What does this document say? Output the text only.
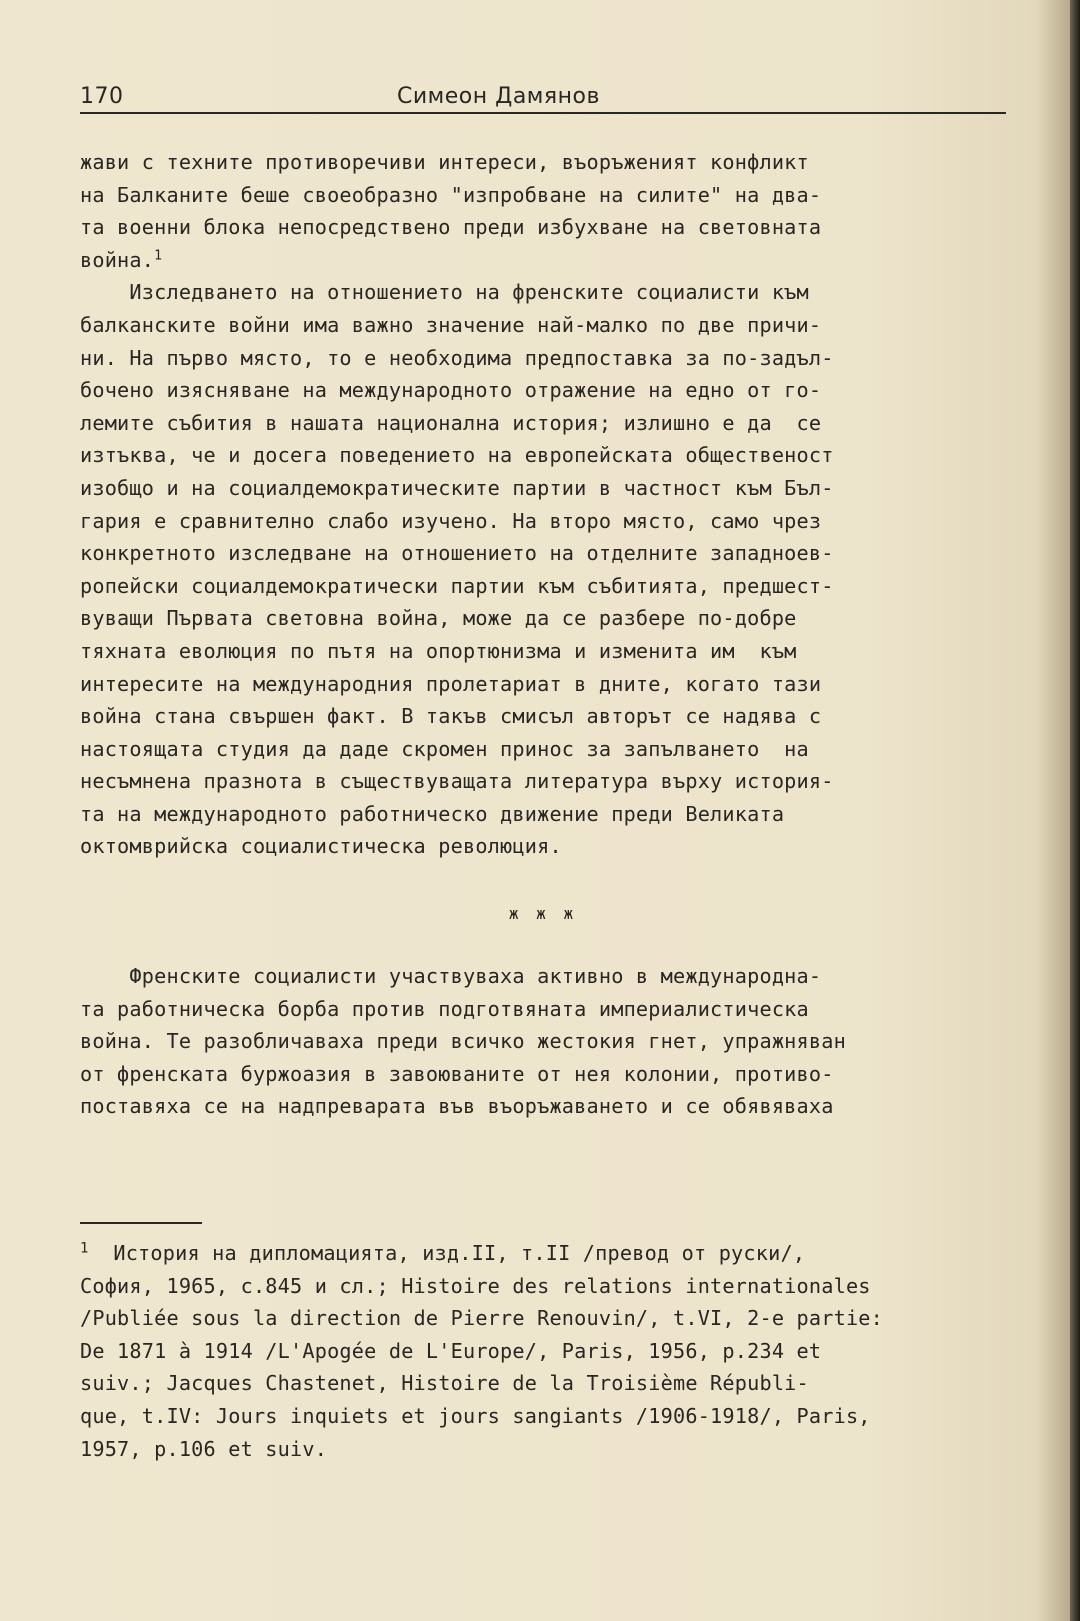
170	Симеон Дамянов
жави с техните противоречиви интереси, въоръженият конфликт
на Балканите беше своеобразно "изпробване на силите" на два-
та военни блока непосредствено преди избухване на световната
война.$^1$
Изследването на отношението на френските социалисти към
балканските войни има важно значение най-малко по две причи-
ни. На първо място, то е необходима предпоставка за по-задъл-
бочено изясняване на международното отражение на едно от го-
лемите събития в нашата национална история; излишно е да  се
изтъква, че и досега поведението на европейската общественост
изобщо и на социалдемократическите партии в частност към Бъл-
гария е сравнително слабо изучено. На второ място, само чрез
конкретното изследване на отношението на отделните западноев-
ропейски социалдемократически партии към събитията, предшест-
вуващи Първата световна война, може да се разбере по-добре
тяхната еволюция по пътя на опортюнизма и изменита им  към
интересите на международния пролетариат в дните, когато тази
война стана свършен факт. В такъв смисъл авторът се надява с
настоящата студия да даде скромен принос за запълването  на
несъмнена празнота в съществуващата литература върху история-
та на международното работническо движение преди Великата
октомврийска социалистическа революция.
ж ж ж
Френските социалисти участвуваха активно в международна-
та работническа борба против подготвяната империалистическа
война. Те разобличаваха преди всичко жестокия гнет, упражняван
от френската буржоазия в завоюваните от нея колонии, противо-
поставяха се на надпреварата във въоръжаването и се обявяваха
$^1$  История на дипломацията, изд.II, т.II /превод от руски/,
София, 1965, с.845 и сл.; Histoire des relations internationales
/Publiée sous la direction de Pierre Renouvin/, t.VI, 2-e partie:
De 1871 à 1914 /L'Apogée de L'Europe/, Paris, 1956, p.234 et
suiv.; Jacques Chastenet, Histoire de la Troisième Républi-
que, t.IV: Jours inquiets et jours sangiants /1906-1918/, Paris,
1957, p.106 et suiv.
